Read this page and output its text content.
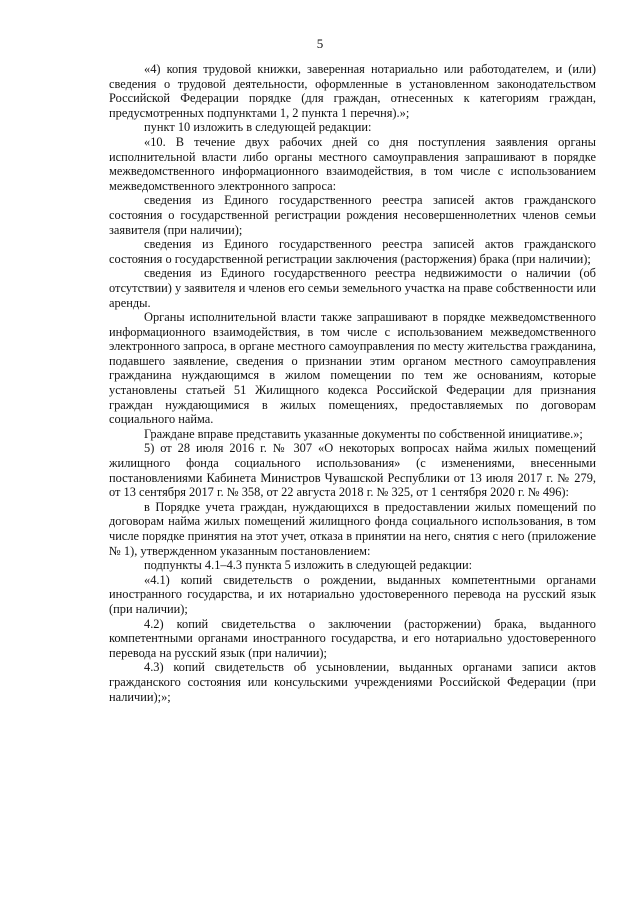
5

«4) копия трудовой книжки, заверенная нотариально или работодателем, и (или) сведения о трудовой деятельности, оформленные в установленном законодательством Российской Федерации порядке (для граждан, отнесенных к категориям граждан, предусмотренных подпунктами 1, 2 пункта 1 перечня).»;

пункт 10 изложить в следующей редакции:

«10. В течение двух рабочих дней со дня поступления заявления органы исполнительной власти либо органы местного самоуправления запрашивают в порядке межведомственного информационного взаимодействия, в том числе с использованием межведомственного электронного запроса:

сведения из Единого государственного реестра записей актов гражданского состояния о государственной регистрации рождения несовершеннолетних членов семьи заявителя (при наличии);

сведения из Единого государственного реестра записей актов гражданского состояния о государственной регистрации заключения (расторжения) брака (при наличии);

сведения из Единого государственного реестра недвижимости о наличии (об отсутствии) у заявителя и членов его семьи земельного участка на праве собственности или аренды.

Органы исполнительной власти также запрашивают в порядке межведомственного информационного взаимодействия, в том числе с использованием межведомственного электронного запроса, в органе местного самоуправления по месту жительства гражданина, подавшего заявление, сведения о признании этим органом местного самоуправления гражданина нуждающимся в жилом помещении по тем же основаниям, которые установлены статьей 51 Жилищного кодекса Российской Федерации для признания граждан нуждающимися в жилых помещениях, предоставляемых по договорам социального найма.

Граждане вправе представить указанные документы по собственной инициативе.»;

5) от 28 июля 2016 г. № 307 «О некоторых вопросах найма жилых помещений жилищного фонда социального использования» (с изменениями, внесенными постановлениями Кабинета Министров Чувашской Республики от 13 июля 2017 г. № 279, от 13 сентября 2017 г. № 358, от 22 августа 2018 г. № 325, от 1 сентября 2020 г. № 496):

в Порядке учета граждан, нуждающихся в предоставлении жилых помещений по договорам найма жилых помещений жилищного фонда социального использования, в том числе порядке принятия на этот учет, отказа в принятии на него, снятия с него (приложение № 1), утвержденном указанным постановлением:

подпункты 4.1–4.3 пункта 5 изложить в следующей редакции:

«4.1) копий свидетельств о рождении, выданных компетентными органами иностранного государства, и их нотариально удостоверенного перевода на русский язык (при наличии);

4.2) копий свидетельства о заключении (расторжении) брака, выданного компетентными органами иностранного государства, и его нотариально удостоверенного перевода на русский язык (при наличии);

4.3) копий свидетельств об усыновлении, выданных органами записи актов гражданского состояния или консульскими учреждениями Российской Федерации (при наличии);»;
